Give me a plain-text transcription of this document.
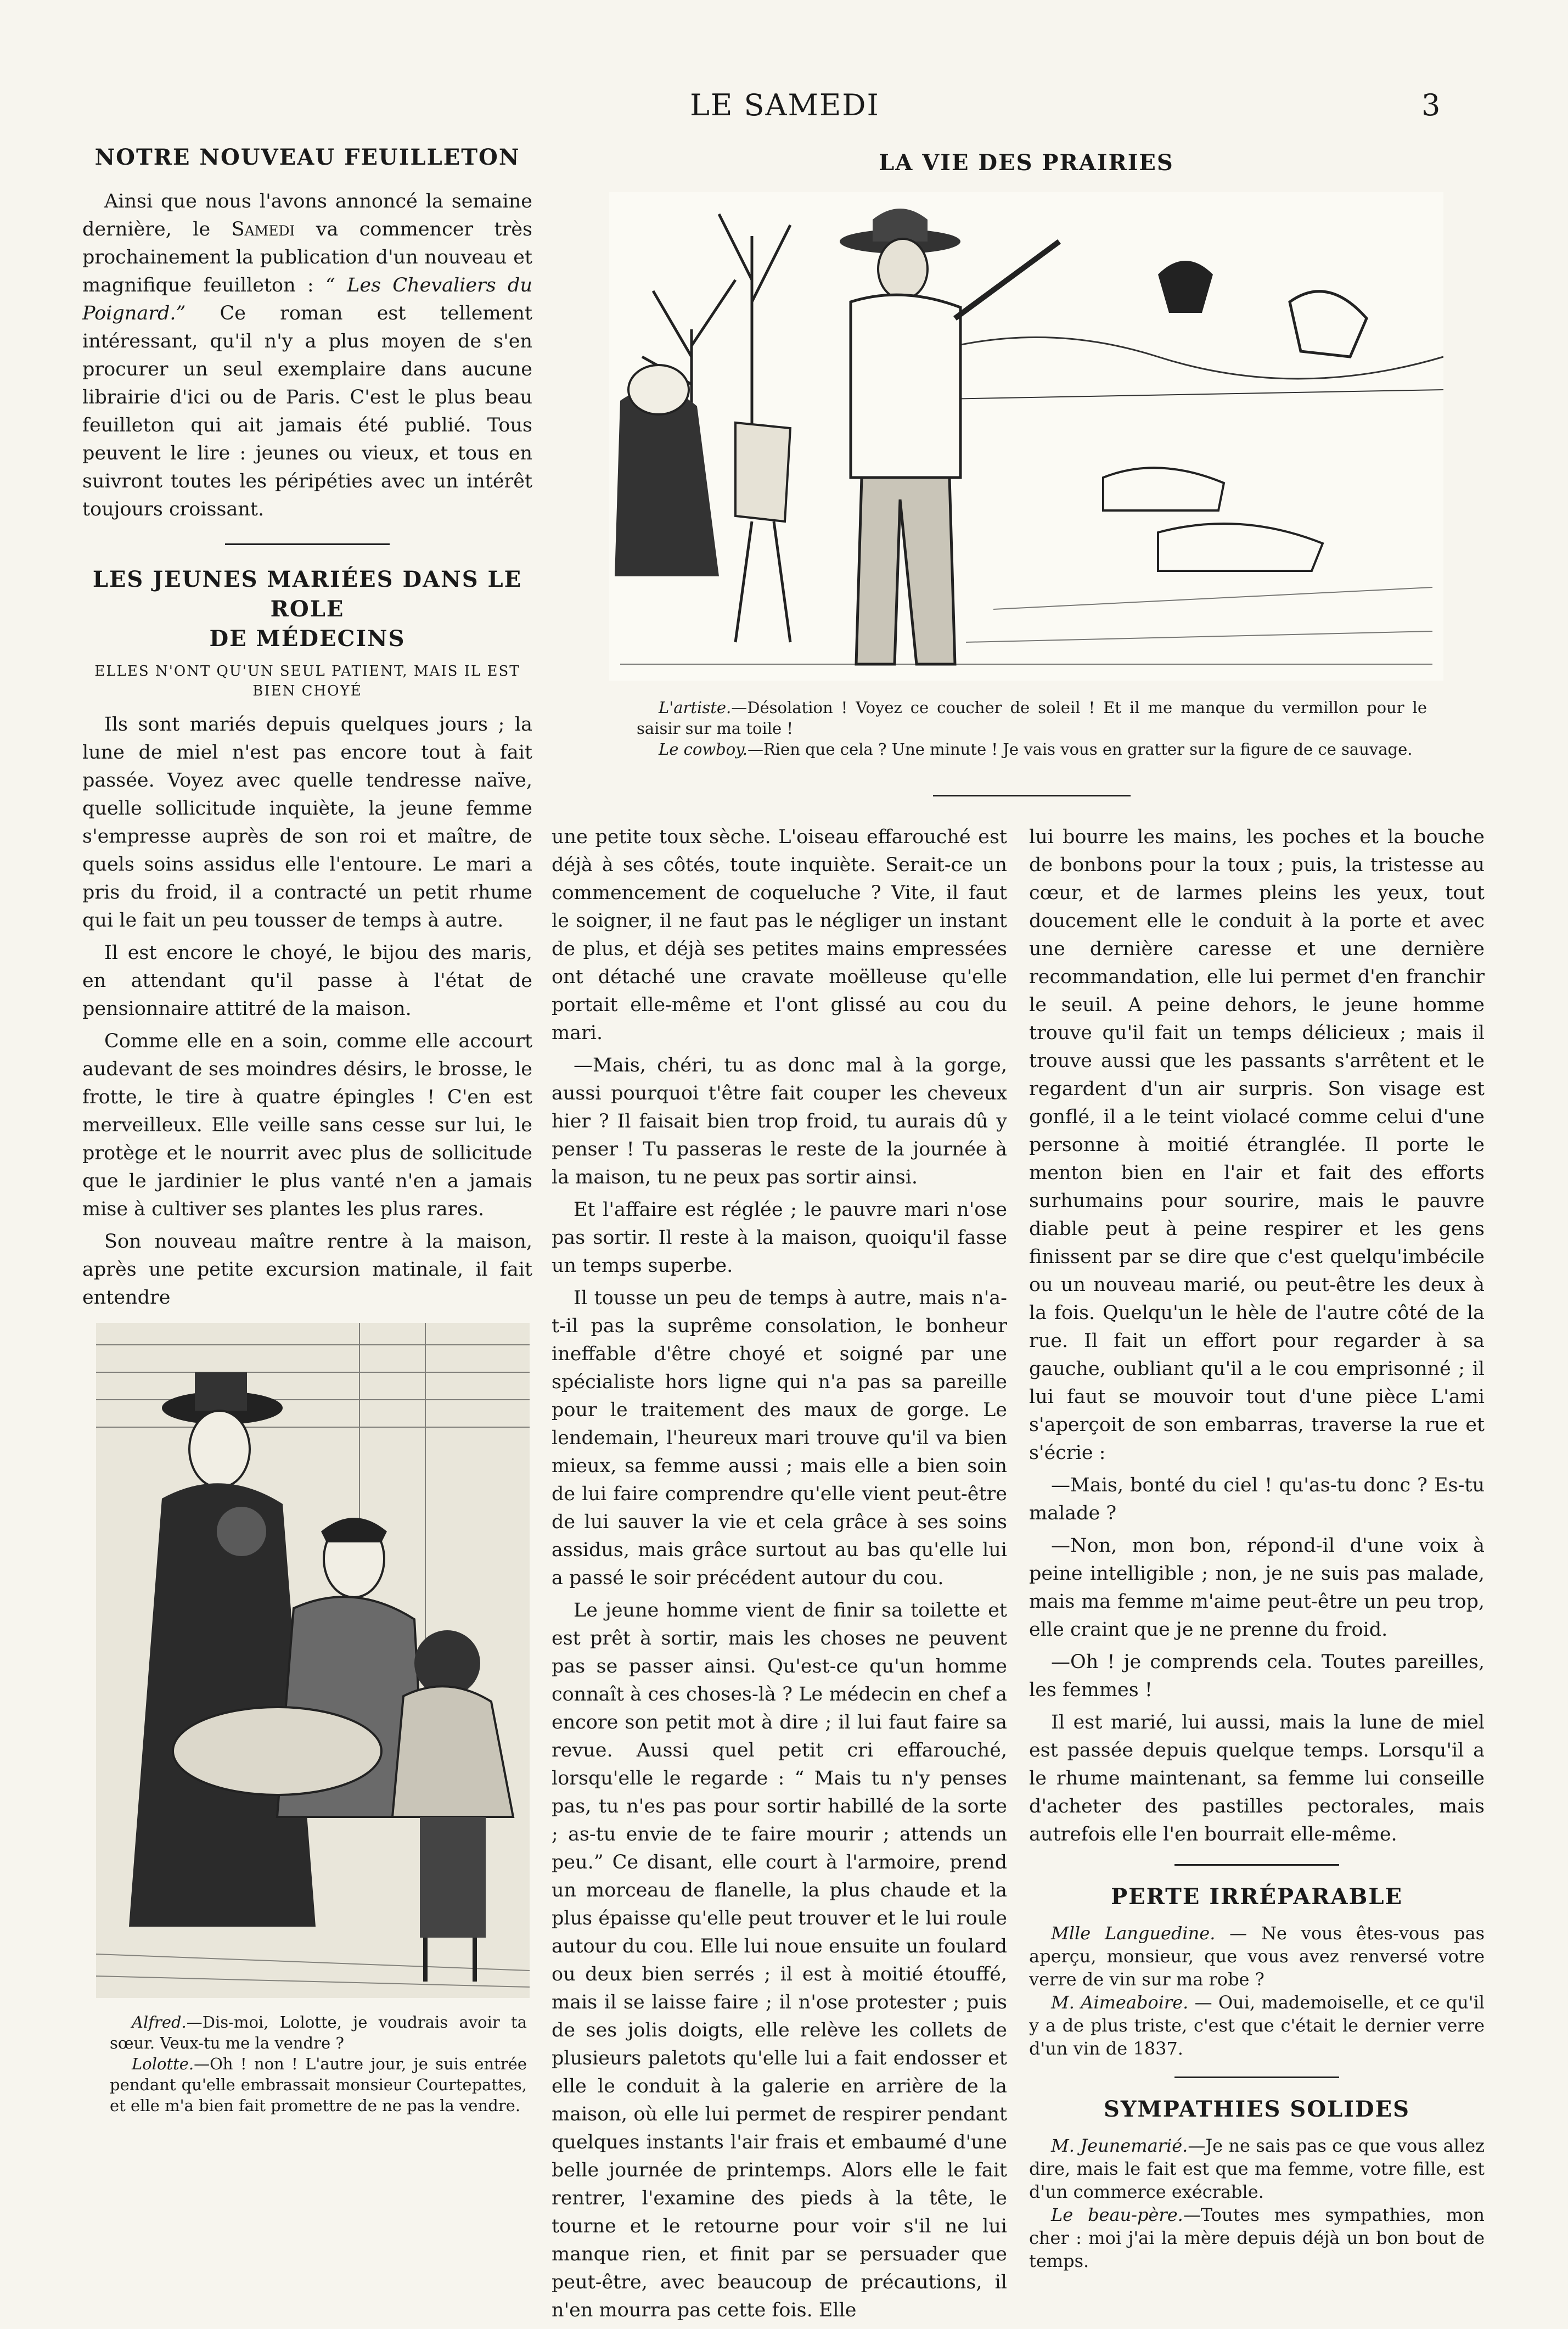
LE SAMEDI	3
NOTRE NOUVEAU FEUILLETON

Ainsi que nous l'avons annoncé la semaine dernière, le Samedi va commencer très prochainement la publication d'un nouveau et magnifique feuilleton : “ Les Chevaliers du Poignard.” Ce roman est tellement intéressant, qu'il n'y a plus moyen de s'en procurer un seul exemplaire dans aucune librairie d'ici ou de Paris. C'est le plus beau feuilleton qui ait jamais été publié. Tous peuvent le lire : jeunes ou vieux, et tous en suivront toutes les péripéties avec un intérêt toujours croissant.

LES JEUNES MARIÉES DANS LE ROLE
DE MÉDECINS
ELLES N'ONT QU'UN SEUL PATIENT, MAIS IL EST BIEN CHOYÉ

Ils sont mariés depuis quelques jours ; la lune de miel n'est pas encore tout à fait passée. Voyez avec quelle tendresse naïve, quelle sollicitude inquiète, la jeune femme s'empresse auprès de son roi et maître, de quels soins assidus elle l'entoure. Le mari a pris du froid, il a contracté un petit rhume qui le fait un peu tousser de temps à autre.

Il est encore le choyé, le bijou des maris, en attendant qu'il passe à l'état de pensionnaire attitré de la maison.

Comme elle en a soin, comme elle accourt audevant de ses moindres désirs, le brosse, le frotte, le tire à quatre épingles ! C'en est merveilleux. Elle veille sans cesse sur lui, le protège et le nourrit avec plus de sollicitude que le jardinier le plus vanté n'en a jamais mise à cultiver ses plantes les plus rares.

Son nouveau maître rentre à la maison, après une petite excursion matinale, il fait entendre

Alfred.—Dis-moi, Lolotte, je voudrais avoir ta sœur. Veux-tu me la vendre ?

Lolotte.—Oh ! non ! L'autre jour, je suis entrée pendant qu'elle embrassait monsieur Courtepattes, et elle m'a bien fait promettre de ne pas la vendre.

LA VIE DES PRAIRIES

L'artiste.—Désolation ! Voyez ce coucher de soleil ! Et il me manque du vermillon pour le saisir sur ma toile !

Le cowboy.—Rien que cela ? Une minute ! Je vais vous en gratter sur la figure de ce sauvage.

une petite toux sèche. L'oiseau effarouché est déjà à ses côtés, toute inquiète. Serait-ce un commencement de coqueluche ? Vite, il faut le soigner, il ne faut pas le négliger un instant de plus, et déjà ses petites mains empressées ont détaché une cravate moëlleuse qu'elle portait elle-même et l'ont glissé au cou du mari.

—Mais, chéri, tu as donc mal à la gorge, aussi pourquoi t'être fait couper les cheveux hier ? Il faisait bien trop froid, tu aurais dû y penser ! Tu passeras le reste de la journée à la maison, tu ne peux pas sortir ainsi.

Et l'affaire est réglée ; le pauvre mari n'ose pas sortir. Il reste à la maison, quoiqu'il fasse un temps superbe.

Il tousse un peu de temps à autre, mais n'a-t-il pas la suprême consolation, le bonheur ineffable d'être choyé et soigné par une spécialiste hors ligne qui n'a pas sa pareille pour le traitement des maux de gorge. Le lendemain, l'heureux mari trouve qu'il va bien mieux, sa femme aussi ; mais elle a bien soin de lui faire comprendre qu'elle vient peut-être de lui sauver la vie et cela grâce à ses soins assidus, mais grâce surtout au bas qu'elle lui a passé le soir précédent autour du cou.

Le jeune homme vient de finir sa toilette et est prêt à sortir, mais les choses ne peuvent pas se passer ainsi. Qu'est-ce qu'un homme connaît à ces choses-là ? Le médecin en chef a encore son petit mot à dire ; il lui faut faire sa revue. Aussi quel petit cri effarouché, lorsqu'elle le regarde : “ Mais tu n'y penses pas, tu n'es pas pour sortir habillé de la sorte ; as-tu envie de te faire mourir ; attends un peu.” Ce disant, elle court à l'armoire, prend un morceau de flanelle, la plus chaude et la plus épaisse qu'elle peut trouver et le lui roule autour du cou. Elle lui noue ensuite un foulard ou deux bien serrés ; il est à moitié étouffé, mais il se laisse faire ; il n'ose protester ; puis de ses jolis doigts, elle relève les collets de plusieurs paletots qu'elle lui a fait endosser et elle le conduit à la galerie en arrière de la maison, où elle lui permet de respirer pendant quelques instants l'air frais et embaumé d'une belle journée de printemps. Alors elle le fait rentrer, l'examine des pieds à la tête, le tourne et le retourne pour voir s'il ne lui manque rien, et finit par se persuader que peut-être, avec beaucoup de précautions, il n'en mourra pas cette fois. Elle

lui bourre les mains, les poches et la bouche de bonbons pour la toux ; puis, la tristesse au cœur, et de larmes pleins les yeux, tout doucement elle le conduit à la porte et avec une dernière caresse et une dernière recommandation, elle lui permet d'en franchir le seuil. A peine dehors, le jeune homme trouve qu'il fait un temps délicieux ; mais il trouve aussi que les passants s'arrêtent et le regardent d'un air surpris. Son visage est gonflé, il a le teint violacé comme celui d'une personne à moitié étranglée. Il porte le menton bien en l'air et fait des efforts surhumains pour sourire, mais le pauvre diable peut à peine respirer et les gens finissent par se dire que c'est quelqu'imbécile ou un nouveau marié, ou peut-être les deux à la fois. Quelqu'un le hèle de l'autre côté de la rue. Il fait un effort pour regarder à sa gauche, oubliant qu'il a le cou emprisonné ; il lui faut se mouvoir tout d'une pièce L'ami s'aperçoit de son embarras, traverse la rue et s'écrie :

—Mais, bonté du ciel ! qu'as-tu donc ? Es-tu malade ?

—Non, mon bon, répond-il d'une voix à peine intelligible ; non, je ne suis pas malade, mais ma femme m'aime peut-être un peu trop, elle craint que je ne prenne du froid.

—Oh ! je comprends cela. Toutes pareilles, les femmes !

Il est marié, lui aussi, mais la lune de miel est passée depuis quelque temps. Lorsqu'il a le rhume maintenant, sa femme lui conseille d'acheter des pastilles pectorales, mais autrefois elle l'en bourrait elle-même.

PERTE IRRÉPARABLE

Mlle Languedine. — Ne vous êtes-vous pas aperçu, monsieur, que vous avez renversé votre verre de vin sur ma robe ?

M. Aimeaboire. — Oui, mademoiselle, et ce qu'il y a de plus triste, c'est que c'était le dernier verre d'un vin de 1837.

SYMPATHIES SOLIDES

M. Jeunemarié.—Je ne sais pas ce que vous allez dire, mais le fait est que ma femme, votre fille, est d'un commerce exécrable.

Le beau-père.—Toutes mes sympathies, mon cher : moi j'ai la mère depuis déjà un bon bout de temps.
